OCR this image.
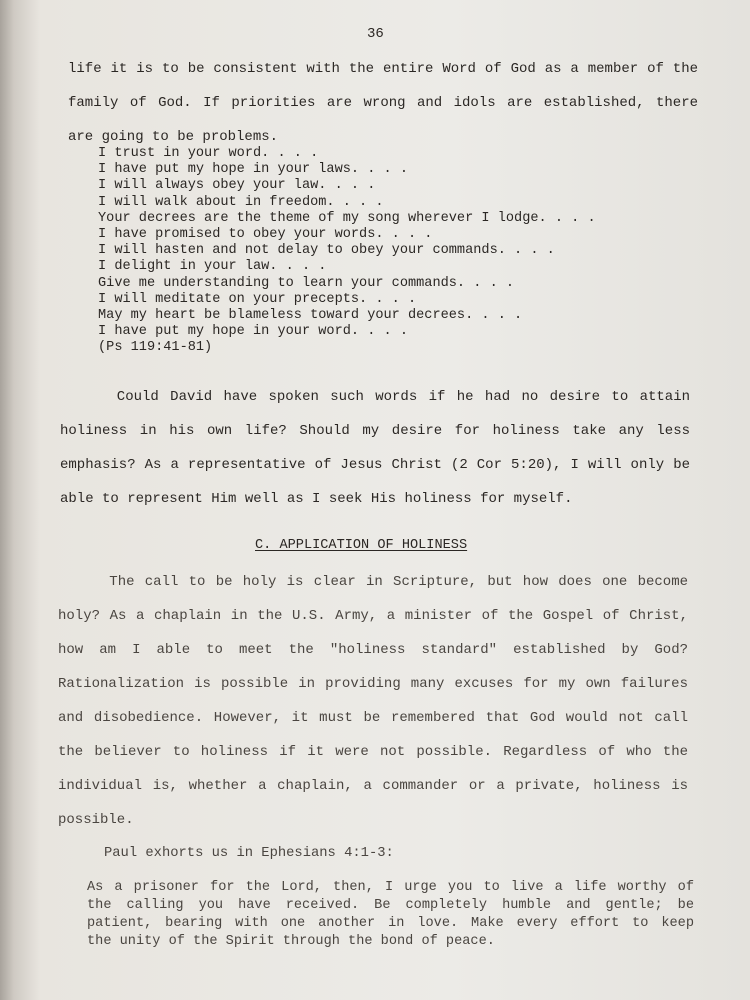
36
life it is to be consistent with the entire Word of God as a member of the
family of God. If priorities are wrong and idols are established, there
are going to be problems.
I trust in your word. . . .
I have put my hope in your laws. . . .
I will always obey your law. . . .
I will walk about in freedom. . . .
Your decrees are the theme of my song wherever I lodge. . . .
I have promised to obey your words. . . .
I will hasten and not delay to obey your commands. . . .
I delight in your law. . . .
Give me understanding to learn your commands. . . .
I will meditate on your precepts. . . .
May my heart be blameless toward your decrees. . . .
I have put my hope in your word. . . .
(Ps 119:41-81)
Could David have spoken such words if he had no desire to attain
holiness in his own life? Should my desire for holiness take any less
emphasis? As a representative of Jesus Christ (2 Cor 5:20), I will only be
able to represent Him well as I seek His holiness for myself.
C. APPLICATION OF HOLINESS
The call to be holy is clear in Scripture, but how does one become
holy? As a chaplain in the U.S. Army, a minister of the Gospel of Christ,
how am I able to meet the "holiness standard" established by God?
Rationalization is possible in providing many excuses for my own failures
and disobedience. However, it must be remembered that God would not call
the believer to holiness if it were not possible. Regardless of who the
individual is, whether a chaplain, a commander or a private, holiness is
possible.
Paul exhorts us in Ephesians 4:1-3:
As a prisoner for the Lord, then, I urge you to live a life worthy of
the calling you have received. Be completely humble and gentle; be
patient, bearing with one another in love. Make every effort to keep
the unity of the Spirit through the bond of peace.
